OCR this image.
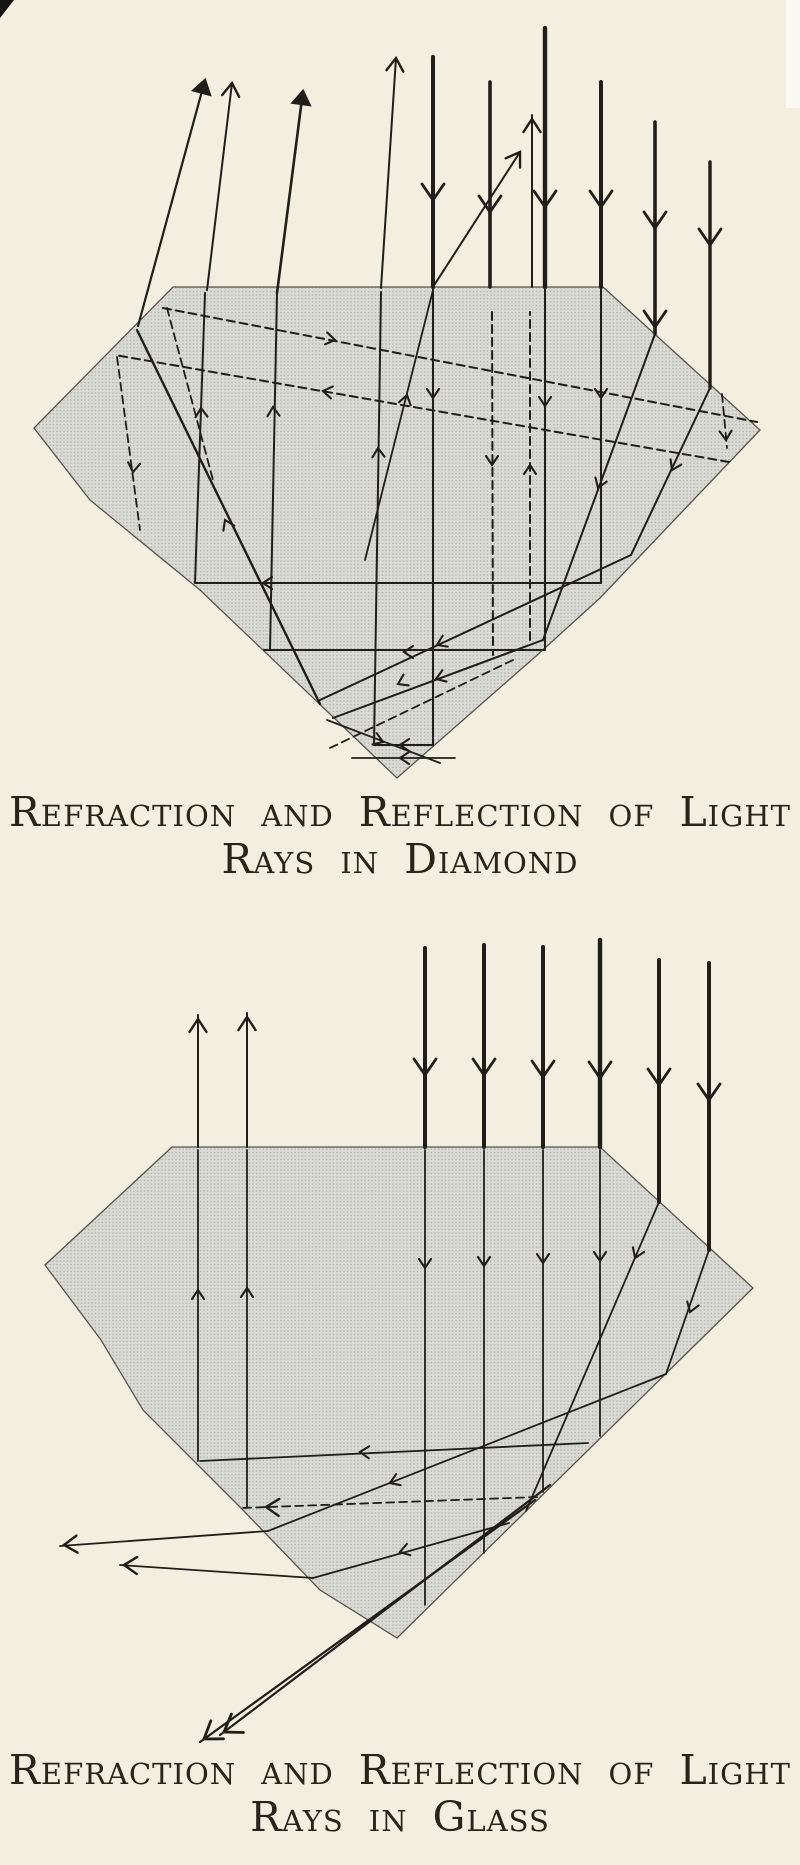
Refraction and Reflection of Light
Rays in Diamond
Refraction and Reflection of Light
Rays in Glass
